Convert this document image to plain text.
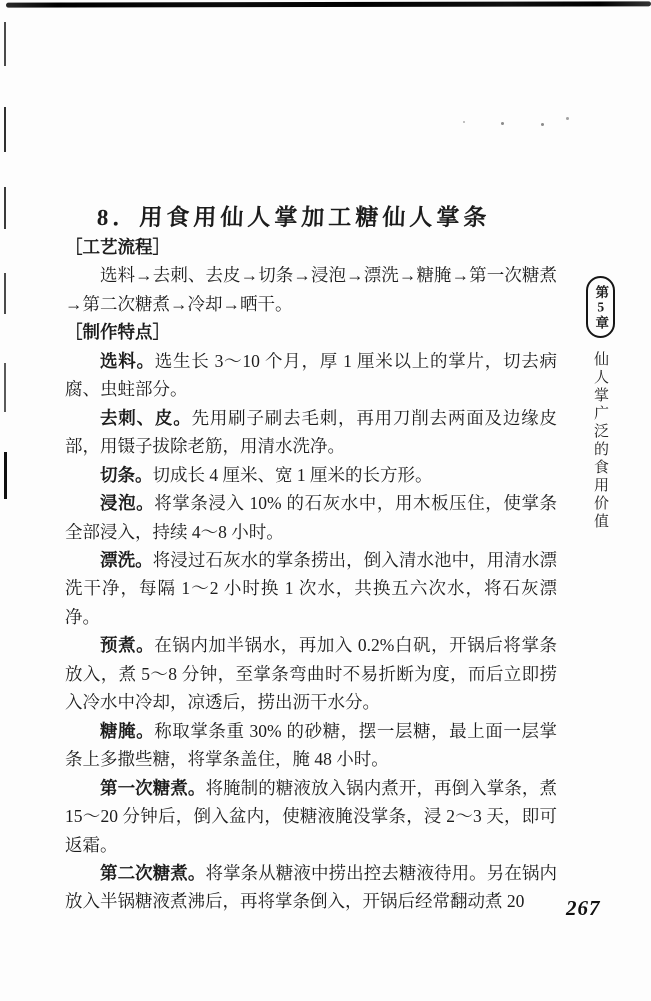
8．用食用仙人掌加工糖仙人掌条

［工艺流程］

选料→去刺、去皮→切条→浸泡→漂洗→糖腌→第一次糖煮→第二次糖煮→冷却→晒干。

［制作特点］

选料。选生长 3～10 个月，厚 1 厘米以上的掌片，切去病腐、虫蛀部分。

去刺、皮。先用刷子刷去毛刺，再用刀削去两面及边缘皮部，用镊子拔除老筋，用清水洗净。

切条。切成长 4 厘米、宽 1 厘米的长方形。

浸泡。将掌条浸入 10% 的石灰水中，用木板压住，使掌条全部浸入，持续 4～8 小时。

漂洗。将浸过石灰水的掌条捞出，倒入清水池中，用清水漂洗干净，每隔 1～2 小时换 1 次水，共换五六次水，将石灰漂净。

预煮。在锅内加半锅水，再加入 0.2%白矾，开锅后将掌条放入，煮 5～8 分钟，至掌条弯曲时不易折断为度，而后立即捞入冷水中冷却，凉透后，捞出沥干水分。

糖腌。称取掌条重 30% 的砂糖，摆一层糖，最上面一层掌条上多撒些糖，将掌条盖住，腌 48 小时。

第一次糖煮。将腌制的糖液放入锅内煮开，再倒入掌条，煮 15～20 分钟后，倒入盆内，使糖液腌没掌条，浸 2～3 天，即可返霜。

第二次糖煮。将掌条从糖液中捞出控去糖液待用。另在锅内放入半锅糖液煮沸后，再将掌条倒入，开锅后经常翻动煮 20

第5章
仙人掌广泛的食用价值
267
